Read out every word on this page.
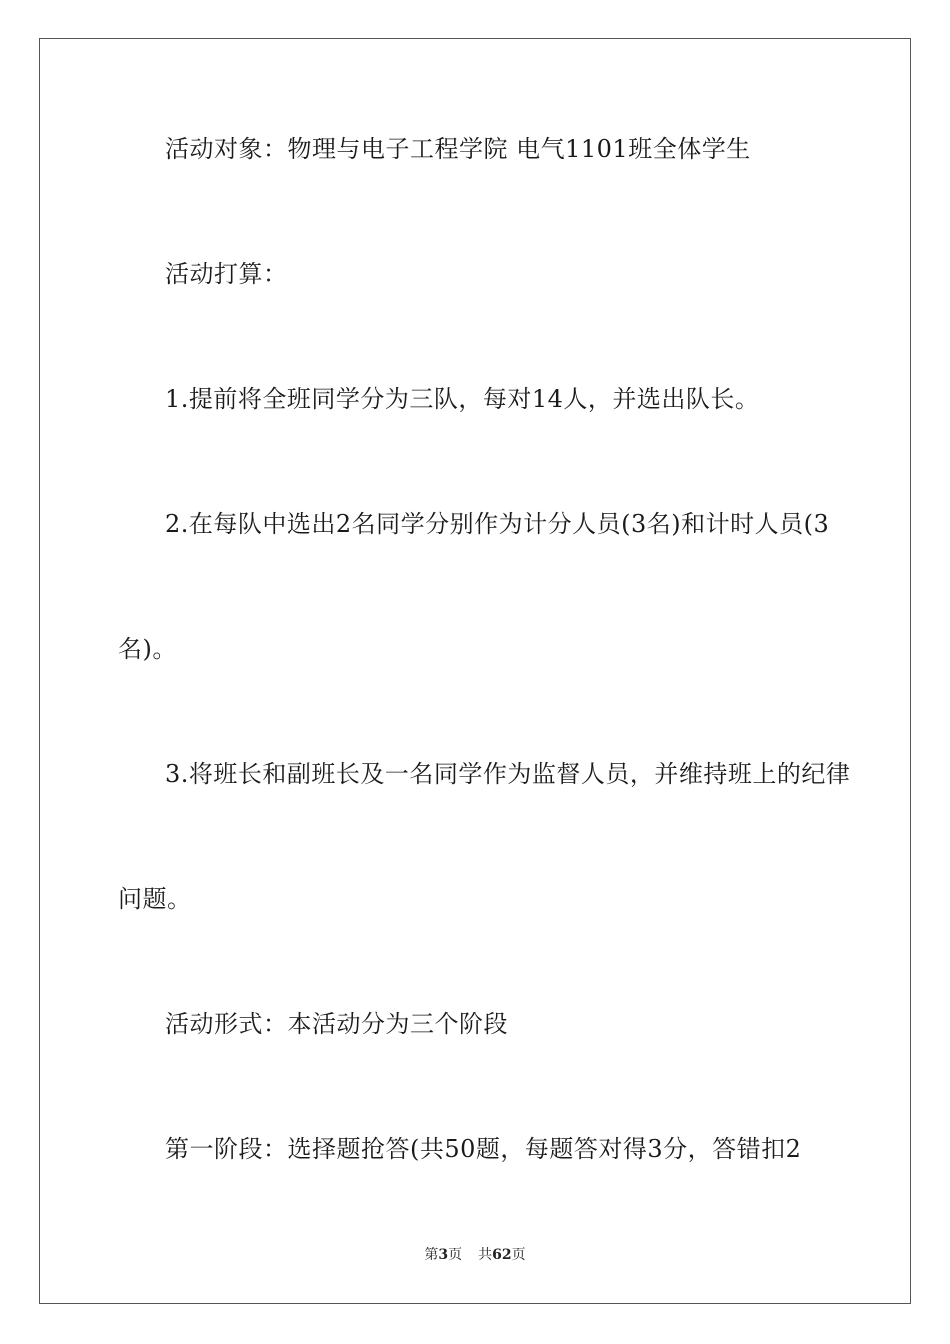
活动对象：物理与电子工程学院 电气1101班全体学生
活动打算：
1.提前将全班同学分为三队，每对14人，并选出队长。
2.在每队中选出2名同学分别作为计分人员(3名)和计时人员(3
名)。
3.将班长和副班长及一名同学作为监督人员，并维持班上的纪律
问题。
活动形式：本活动分为三个阶段
第一阶段：选择题抢答(共50题，每题答对得3分，答错扣2
第3页 共62页
